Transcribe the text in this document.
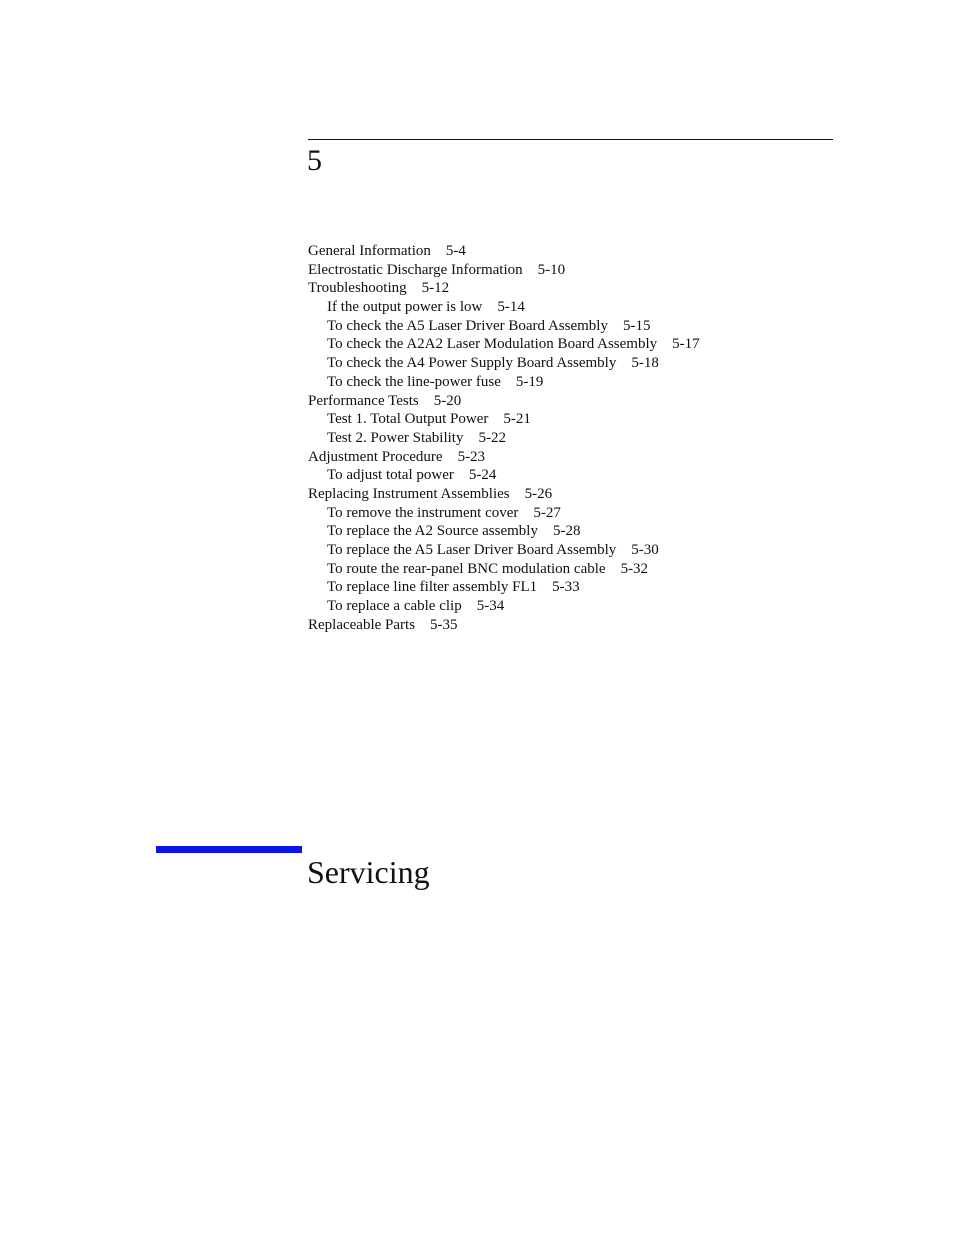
5
General Information 5-4
Electrostatic Discharge Information 5-10
Troubleshooting 5-12
If the output power is low 5-14
To check the A5 Laser Driver Board Assembly 5-15
To check the A2A2 Laser Modulation Board Assembly 5-17
To check the A4 Power Supply Board Assembly 5-18
To check the line-power fuse 5-19
Performance Tests 5-20
Test 1. Total Output Power 5-21
Test 2. Power Stability 5-22
Adjustment Procedure 5-23
To adjust total power 5-24
Replacing Instrument Assemblies 5-26
To remove the instrument cover 5-27
To replace the A2 Source assembly 5-28
To replace the A5 Laser Driver Board Assembly 5-30
To route the rear-panel BNC modulation cable 5-32
To replace line filter assembly FL1 5-33
To replace a cable clip 5-34
Replaceable Parts 5-35
Servicing
